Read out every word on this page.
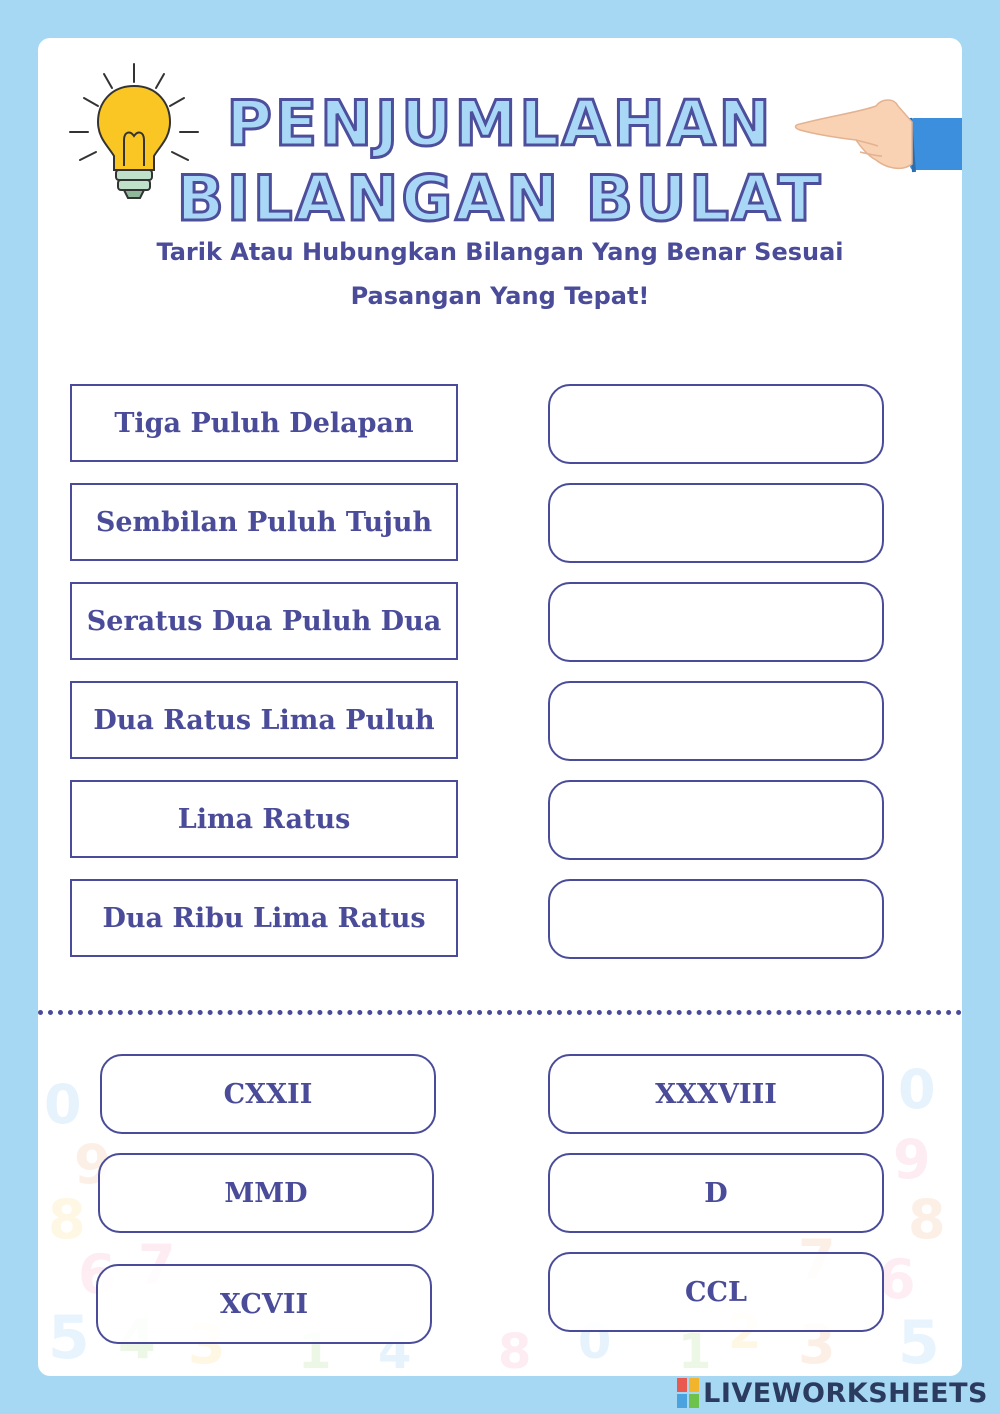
0
9
8
6
5 3 1 4 8 0 1 2 3 5
0
9
8
6
PENJUMLAHAN
BILANGAN BULAT
Tarik Atau Hubungkan Bilangan Yang Benar Sesuai Pasangan Yang Tepat!
Tiga Puluh Delapan
Sembilan Puluh Tujuh
Seratus Dua Puluh Dua
Dua Ratus Lima Puluh
Lima Ratus
Dua Ribu Lima Ratus
CXXII	XXXVIII
MMD	D
XCVII	CCL
LIVEWORKSHEETS
